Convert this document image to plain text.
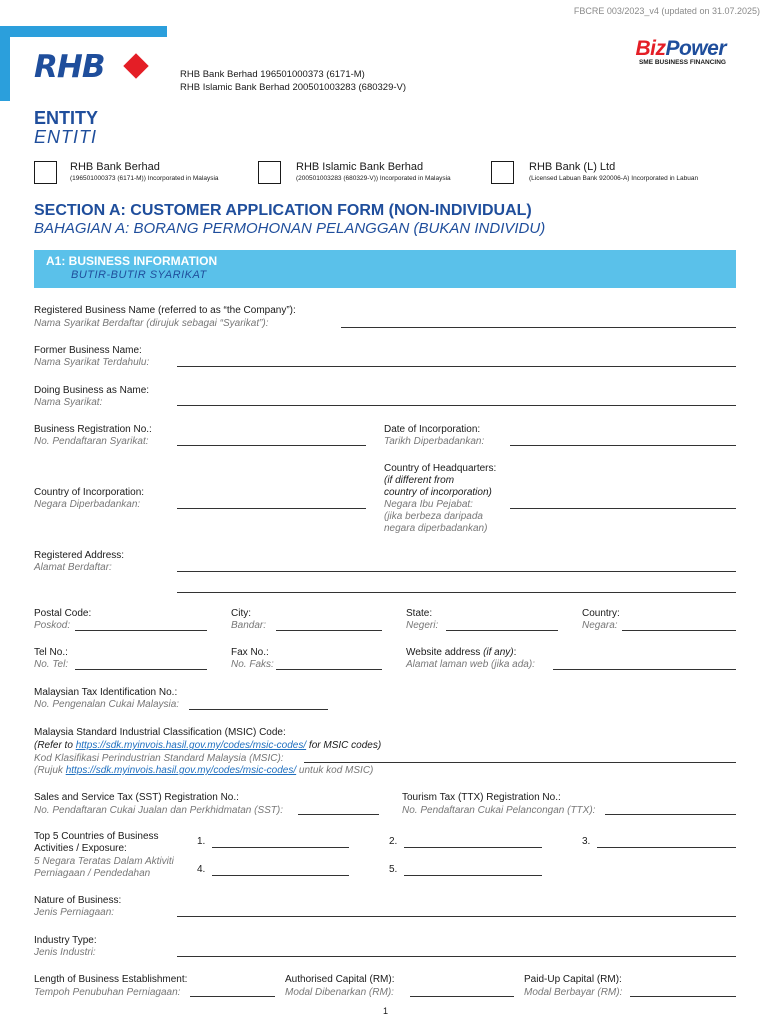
FBCRE 003/2023_v4 (updated on 31.07.2025)
RHB	RHB Bank Berhad 196501000373 (6171-M)
RHB Islamic Bank Berhad 200501003283 (680329-V)
BizPower
SME BUSINESS FINANCING
ENTITY
ENTITI
RHB Bank Berhad
(196501000373 (6171-M)) Incorporated in Malaysia
RHB Islamic Bank Berhad
(200501003283 (680329-V)) Incorporated in Malaysia
RHB Bank (L) Ltd
(Licensed Labuan Bank 920006-A) Incorporated in Labuan
SECTION A: CUSTOMER APPLICATION FORM (NON-INDIVIDUAL)
BAHAGIAN A: BORANG PERMOHONAN PELANGGAN (BUKAN INDIVIDU)
A1: BUSINESS INFORMATION
BUTIR-BUTIR SYARIKAT
Registered Business Name (referred to as “the Company”):
Nama Syarikat Berdaftar (dirujuk sebagai “Syarikat”):
Former Business Name:
Nama Syarikat Terdahulu:
Doing Business as Name:
Nama Syarikat:
Business Registration No.:
No. Pendaftaran Syarikat:
Date of Incorporation:
Tarikh Diperbadankan:
Country of Incorporation:
Negara Diperbadankan:
Country of Headquarters:
(if different from
country of incorporation)
Negara Ibu Pejabat:
(jika berbeza daripada
negara diperbadankan)
Registered Address:
Alamat Berdaftar:
Postal Code:
Poskod:
City:
Bandar:
State:
Negeri:
Country:
Negara:
Tel No.:
No. Tel:
Fax No.:
No. Faks:
Website address (if any):
Alamat laman web (jika ada):
Malaysian Tax Identification No.:
No. Pengenalan Cukai Malaysia:
Malaysia Standard Industrial Classification (MSIC) Code:
(Refer to https://sdk.myinvois.hasil.gov.my/codes/msic-codes/ for MSIC codes)
Kod Klasifikasi Perindustrian Standard Malaysia (MSIC):
(Rujuk https://sdk.myinvois.hasil.gov.my/codes/msic-codes/ untuk kod MSIC)
Sales and Service Tax (SST) Registration No.:
No. Pendaftaran Cukai Jualan dan Perkhidmatan (SST):
Tourism Tax (TTX) Registration No.:
No. Pendaftaran Cukai Pelancongan (TTX):
Top 5 Countries of Business
Activities / Exposure:
5 Negara Teratas Dalam Aktiviti
Perniagaan / Pendedahan
1.	2.	3.
4.	5.
Nature of Business:
Jenis Perniagaan:
Industry Type:
Jenis Industri:
Length of Business Establishment:
Tempoh Penubuhan Perniagaan:
Authorised Capital (RM):
Modal Dibenarkan (RM):
Paid-Up Capital (RM):
Modal Berbayar (RM):
1
